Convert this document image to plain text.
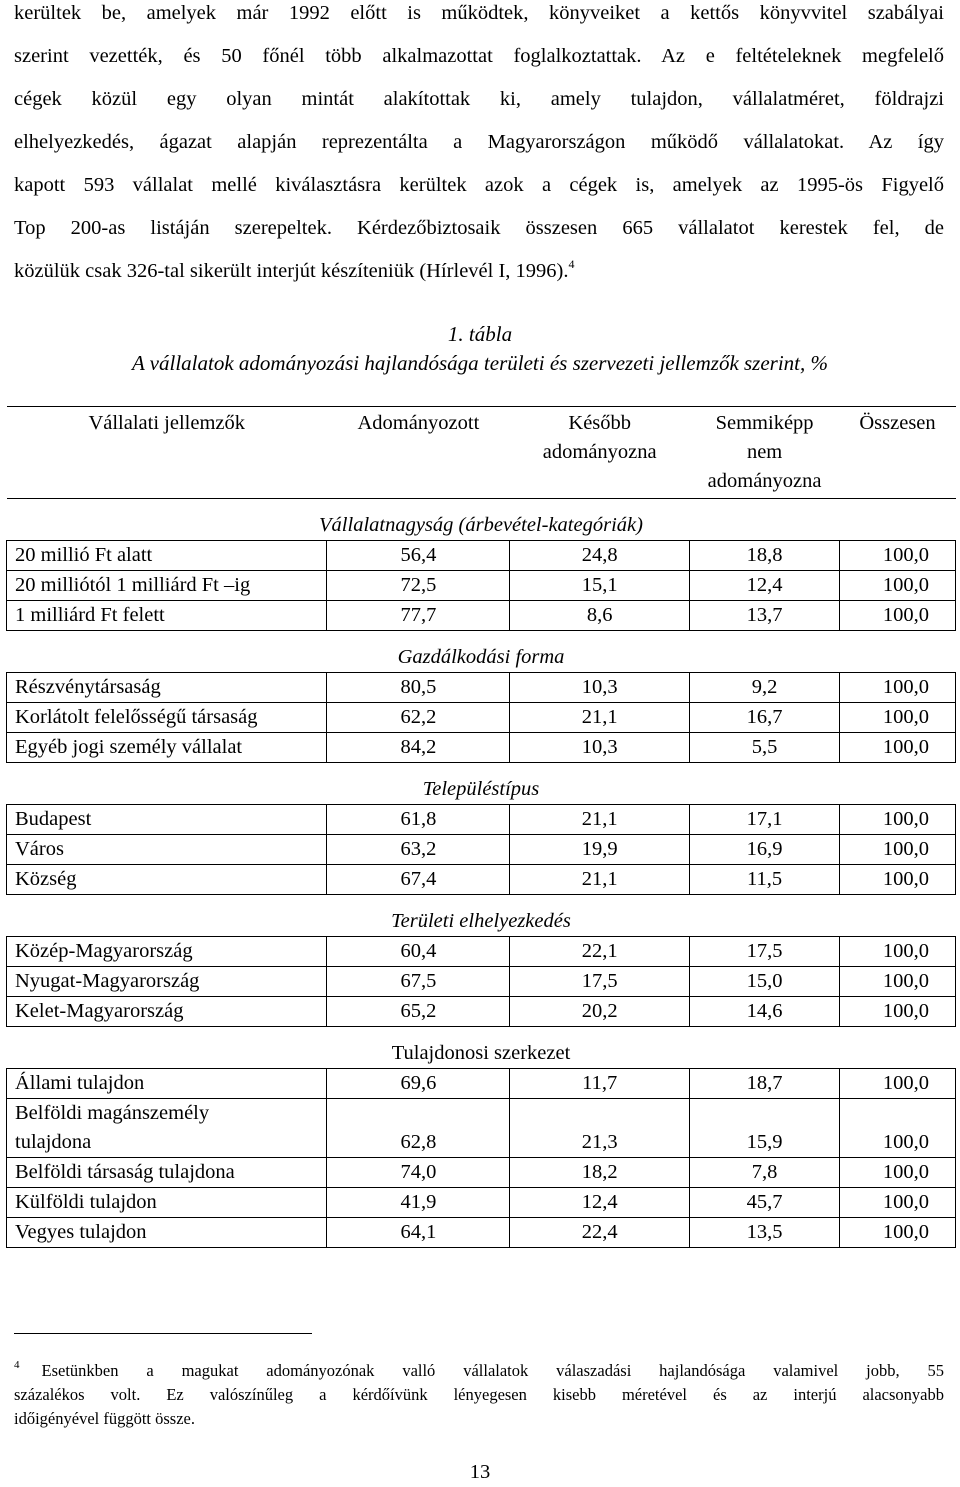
kerültek be, amelyek már 1992 előtt is működtek, könyveiket a kettős könyvvitel szabályai
szerint vezették, és 50 főnél több alkalmazottat foglalkoztattak. Az e feltételeknek megfelelő
cégek közül egy olyan mintát alakítottak ki, amely tulajdon, vállalatméret, földrajzi
elhelyezkedés, ágazat alapján reprezentálta a Magyarországon működő vállalatokat. Az így
kapott 593 vállalat mellé kiválasztásra kerültek azok a cégek is, amelyek az 1995-ös Figyelő
Top 200-as listáján szerepeltek. Kérdezőbiztosaik összesen 665 vállalatot kerestek fel, de
közülük csak 326-tal sikerült interjút készíteniük (Hírlevél I, 1996).$^4$
1. tábla
A vállalatok adományozási hajlandósága területi és szervezeti jellemzők szerint, %
Vállalati jellemzők	Adományozott	Később adományozna	Semmiképp nem adományozna	Összesen
Vállalatnagyság (árbevétel-kategóriák)				
20 millió Ft alatt	56,4	24,8	18,8	100,0
20 milliótól 1 milliárd Ft –ig	72,5	15,1	12,4	100,0
1 milliárd Ft felett	77,7	8,6	13,7	100,0
Gazdálkodási forma				
Részvénytársaság	80,5	10,3	9,2	100,0
Korlátolt felelősségű társaság	62,2	21,1	16,7	100,0
Egyéb jogi személy vállalat	84,2	10,3	5,5	100,0
Településtípus				
Budapest	61,8	21,1	17,1	100,0
Város	63,2	19,9	16,9	100,0
Község	67,4	21,1	11,5	100,0
Területi elhelyezkedés				
Közép-Magyarország	60,4	22,1	17,5	100,0
Nyugat-Magyarország	67,5	17,5	15,0	100,0
Kelet-Magyarország	65,2	20,2	14,6	100,0
Tulajdonosi szerkezet				
Állami tulajdon	69,6	11,7	18,7	100,0
Belföldi magánszemély
tulajdona	62,8	21,3	15,9	100,0
Belföldi társaság tulajdona	74,0	18,2	7,8	100,0
Külföldi tulajdon	41,9	12,4	45,7	100,0
Vegyes tulajdon	64,1	22,4	13,5	100,0
$^4$ Esetünkben a magukat adományozónak valló vállalatok válaszadási hajlandósága valamivel jobb, 55
százalékos volt. Ez valószínűleg a kérdőívünk lényegesen kisebb méretével és az interjú alacsonyabb
időigényével függött össze.
13
